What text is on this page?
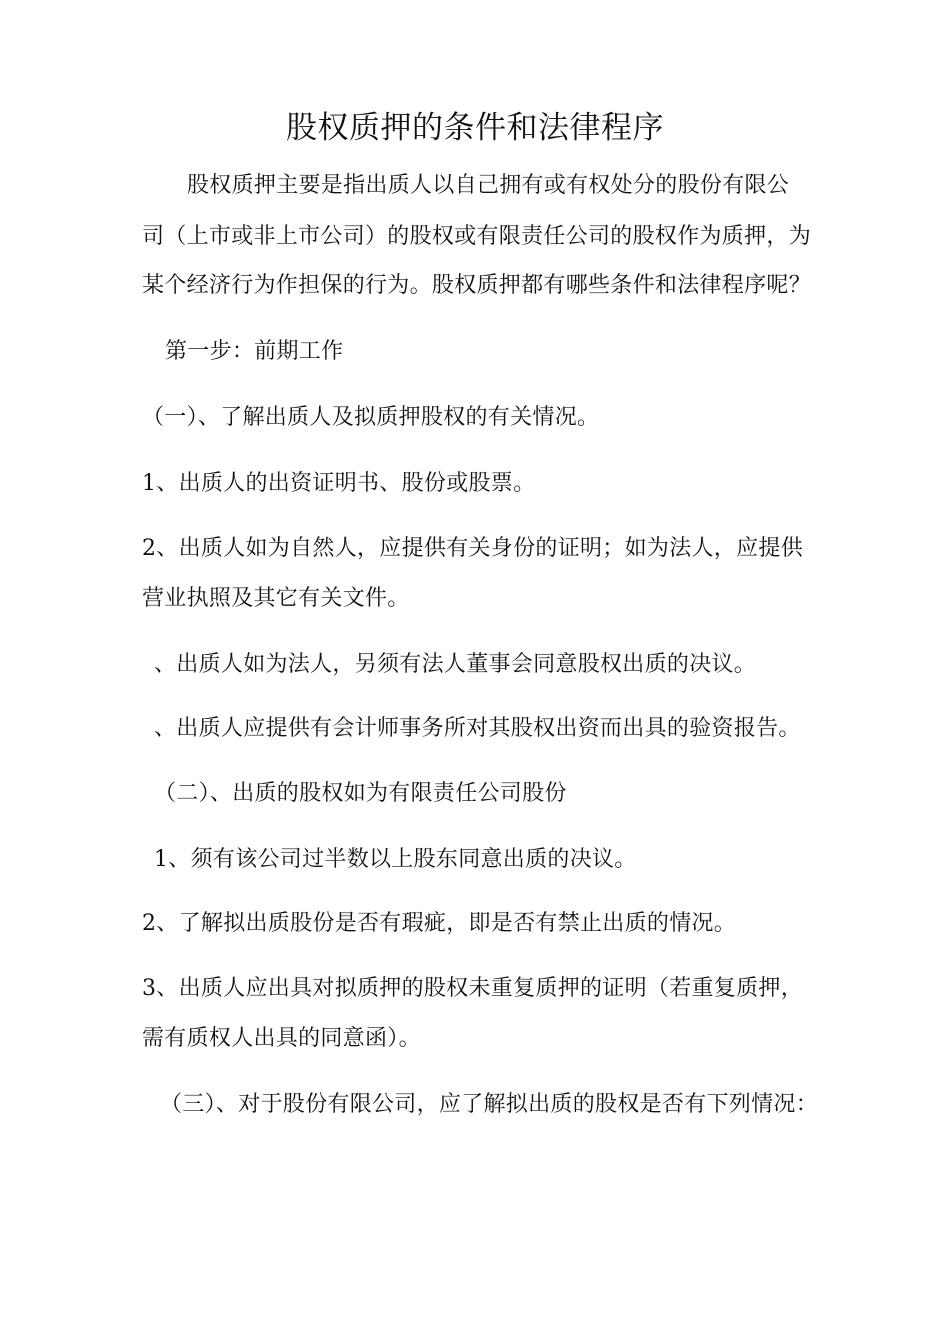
股权质押的条件和法律程序
股权质押主要是指出质人以自己拥有或有权处分的股份有限公
司（上市或非上市公司）的股权或有限责任公司的股权作为质押，为
某个经济行为作担保的行为。股权质押都有哪些条件和法律程序呢？
第一步：前期工作
（一）、了解出质人及拟质押股权的有关情况。
1、出质人的出资证明书、股份或股票。
2、出质人如为自然人，应提供有关身份的证明；如为法人，应提供
营业执照及其它有关文件。
、出质人如为法人，另须有法人董事会同意股权出质的决议。
、出质人应提供有会计师事务所对其股权出资而出具的验资报告。
（二）、出质的股权如为有限责任公司股份
1、须有该公司过半数以上股东同意出质的决议。
2、了解拟出质股份是否有瑕疵，即是否有禁止出质的情况。
3、出质人应出具对拟质押的股权未重复质押的证明（若重复质押，
需有质权人出具的同意函）。
（三）、对于股份有限公司，应了解拟出质的股权是否有下列情况：
